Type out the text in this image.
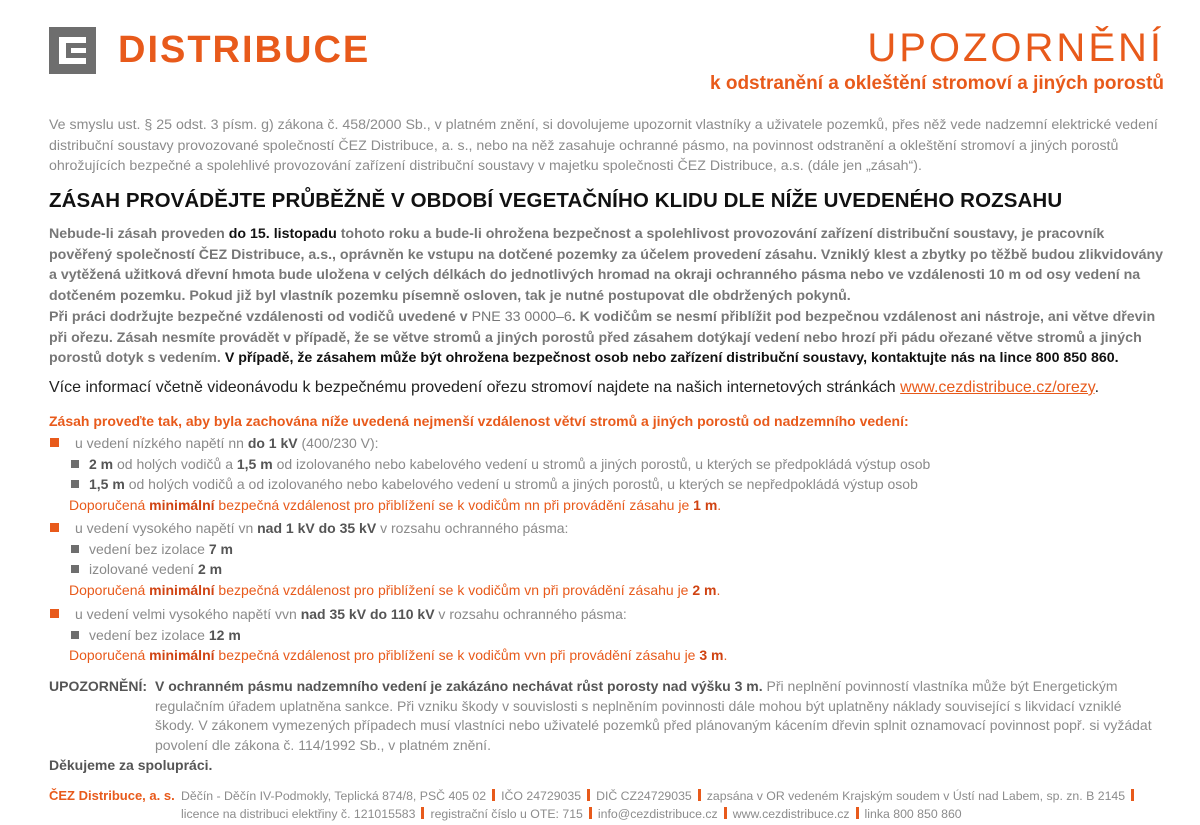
DISTRIBUCE	UPOZORNĚNÍ
k odstranění a okleštění stromoví a jiných porostů
Ve smyslu ust. § 25 odst. 3 písm. g) zákona č. 458/2000 Sb., v platném znění, si dovolujeme upozornit vlastníky a uživatele pozemků, přes něž vede nadzemní elektrické vedení distribuční soustavy provozované společností ČEZ Distribuce, a. s., nebo na něž zasahuje ochranné pásmo, na povinnost odstranění a okleštění stromoví a jiných porostů ohrožujících bezpečné a spolehlivé provozování zařízení distribuční soustavy v majetku společnosti ČEZ Distribuce, a.s. (dále jen „zásah“).
ZÁSAH PROVÁDĚJTE PRŮBĚŽNĚ V OBDOBÍ VEGETAČNÍHO KLIDU DLE NÍŽE UVEDENÉHO ROZSAHU
Nebude-li zásah proveden do 15. listopadu tohoto roku a bude-li ohrožena bezpečnost a spolehlivost provozování zařízení distribuční soustavy, je pracovník pověřený společností ČEZ Distribuce, a.s., oprávněn ke vstupu na dotčené pozemky za účelem provedení zásahu. Vzniklý klest a zbytky po těžbě budou zlikvidovány a vytěžená užitková dřevní hmota bude uložena v celých délkách do jednotlivých hromad na okraji ochranného pásma nebo ve vzdálenosti 10 m od osy vedení na dotčeném pozemku. Pokud již byl vlastník pozemku písemně osloven, tak je nutné postupovat dle obdržených pokynů.
Při práci dodržujte bezpečné vzdálenosti od vodičů uvedené v PNE 33 0000–6. K vodičům se nesmí přiblížit pod bezpečnou vzdálenost ani nástroje, ani větve dřevin při ořezu. Zásah nesmíte provádět v případě, že se větve stromů a jiných porostů před zásahem dotýkají vedení nebo hrozí při pádu ořezané větve stromů a jiných porostů dotyk s vedením. V případě, že zásahem může být ohrožena bezpečnost osob nebo zařízení distribuční soustavy, kontaktujte nás na lince 800 850 860.
Více informací včetně videonávodu k bezpečnému provedení ořezu stromoví najdete na našich internetových stránkách www.cezdistribuce.cz/orezy.
Zásah proveďte tak, aby byla zachována níže uvedená nejmenší vzdálenost větví stromů a jiných porostů od nadzemního vedení:
u vedení nízkého napětí nn do 1 kV (400/230 V):
2 m od holých vodičů a 1,5 m od izolovaného nebo kabelového vedení u stromů a jiných porostů, u kterých se předpokládá výstup osob
1,5 m od holých vodičů a od izolovaného nebo kabelového vedení u stromů a jiných porostů, u kterých se nepředpokládá výstup osob
Doporučená minimální bezpečná vzdálenost pro přiblížení se k vodičům nn při provádění zásahu je 1 m.
u vedení vysokého napětí vn nad 1 kV do 35 kV v rozsahu ochranného pásma:
vedení bez izolace 7 m
izolované vedení 2 m
Doporučená minimální bezpečná vzdálenost pro přiblížení se k vodičům vn při provádění zásahu je 2 m.
u vedení velmi vysokého napětí vvn nad 35 kV do 110 kV v rozsahu ochranného pásma:
vedení bez izolace 12 m
Doporučená minimální bezpečná vzdálenost pro přiblížení se k vodičům vvn při provádění zásahu je 3 m.
UPOZORNĚNÍ: V ochranném pásmu nadzemního vedení je zakázáno nechávat růst porosty nad výšku 3 m. Při neplnění povinností vlastníka může být Energetickým regulačním úřadem uplatněna sankce. Při vzniku škody v souvislosti s neplněním povinnosti dále mohou být uplatněny náklady související s likvidací vzniklé škody. V zákonem vymezených případech musí vlastníci nebo uživatelé pozemků před plánovaným kácením dřevin splnit oznamovací povinnost popř. si vyžádat povolení dle zákona č. 114/1992 Sb., v platném znění.
Děkujeme za spolupráci.
ČEZ Distribuce, a. s. Děčín - Děčín IV-Podmokly, Teplická 874/8, PSČ 405 02 IČO 24729035 DIČ CZ24729035 zapsána v OR vedeném Krajským soudem v Ústí nad Labem, sp. zn. B 2145
licence na distribuci elektřiny č. 121015583 registrační číslo u OTE: 715 info@cezdistribuce.cz www.cezdistribuce.cz linka 800 850 860
